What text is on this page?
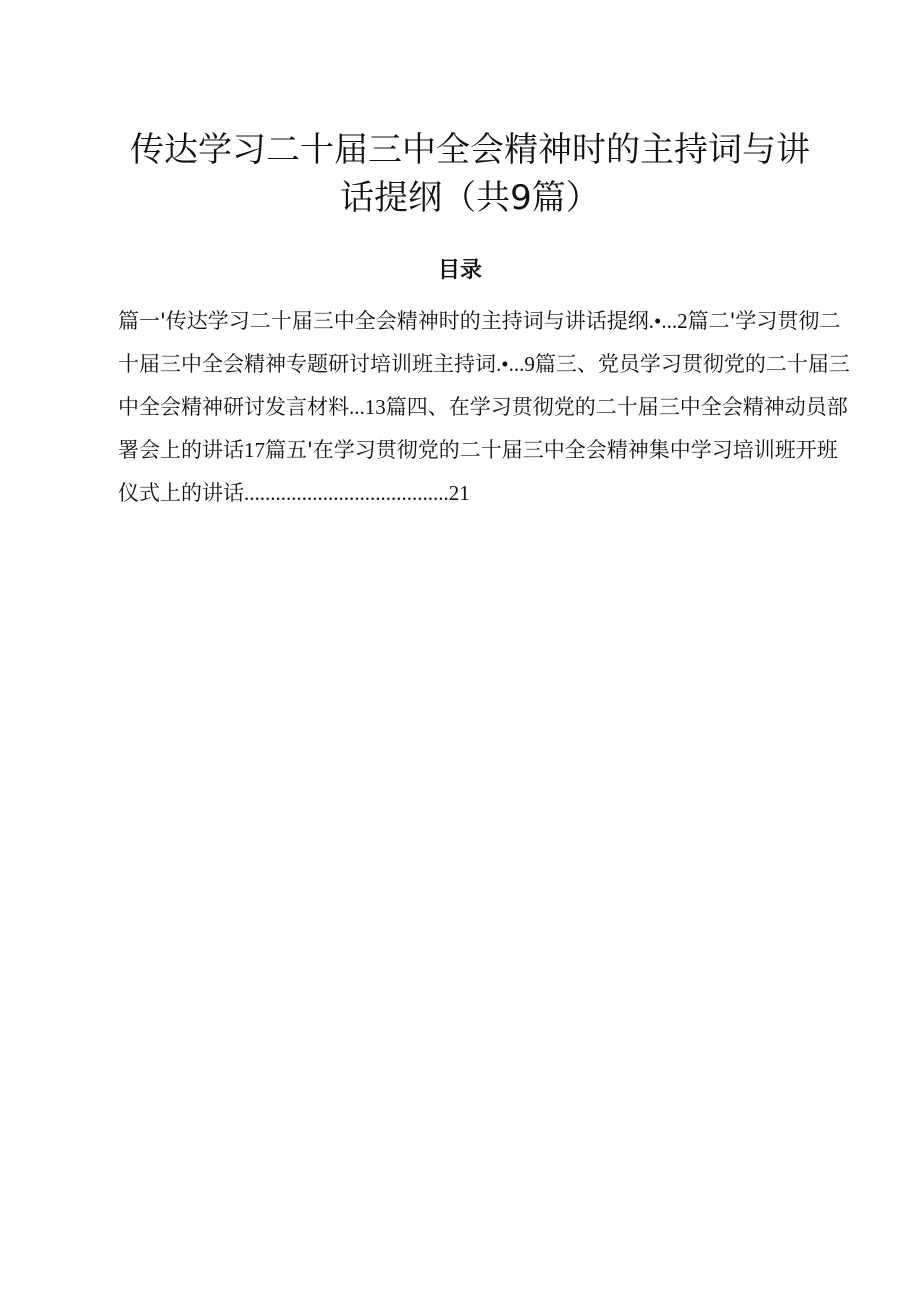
传达学习二十届三中全会精神时的主持词与讲话提纲（共9篇）
目录

篇一'传达学习二十届三中全会精神时的主持词与讲话提纲.•...2篇二'学习贯彻二十届三中全会精神专题研讨培训班主持词.•...9篇三、党员学习贯彻党的二十届三中全会精神研讨发言材料...13篇四、在学习贯彻党的二十届三中全会精神动员部署会上的讲话17篇五'在学习贯彻党的二十届三中全会精神集中学习培训班开班仪式上的讲话.......................................21
